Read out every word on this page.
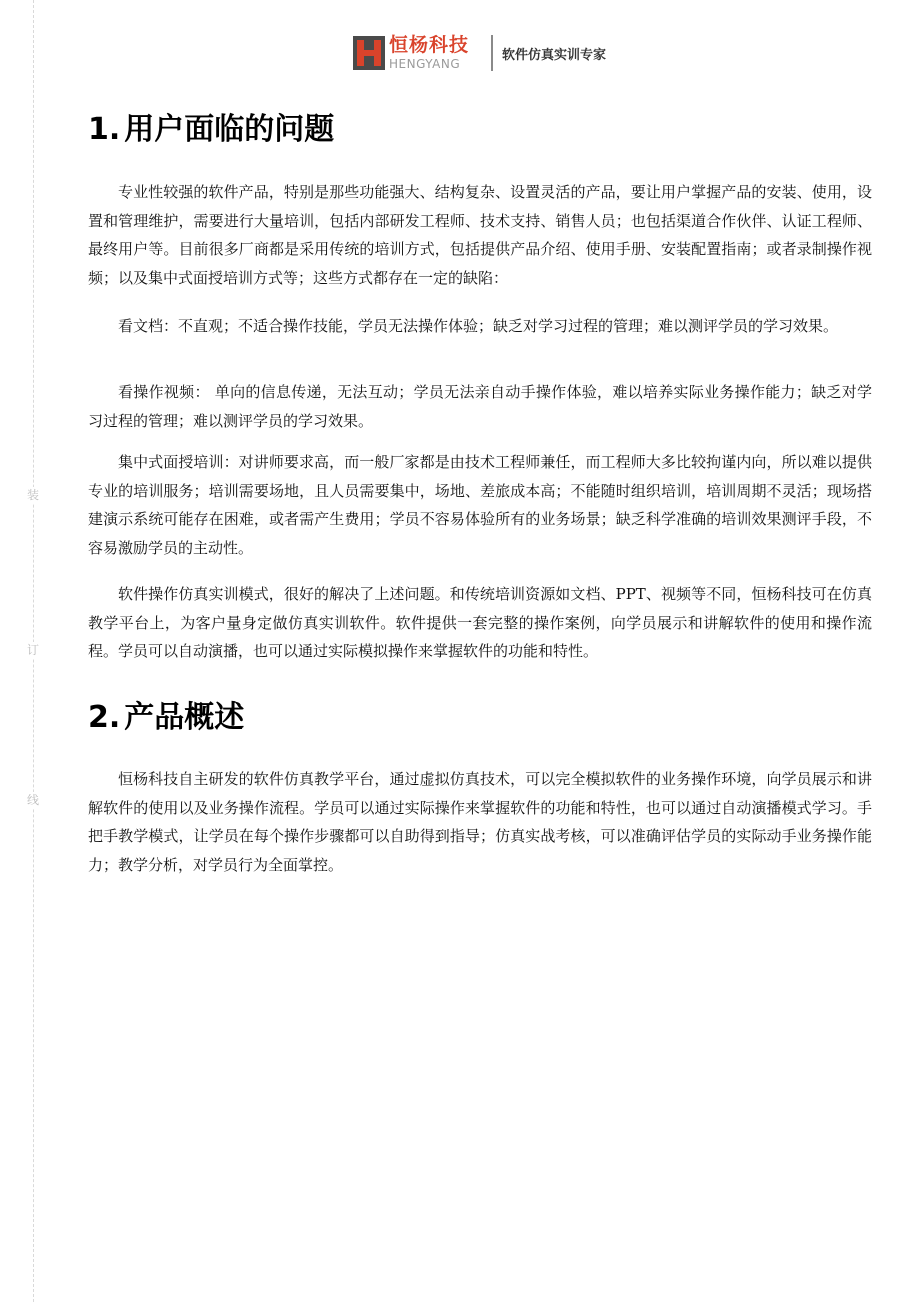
装
订
线
恒杨科技
HENGYANG
软件仿真实训专家
1. 用户面临的问题

专业性较强的软件产品，特别是那些功能强大、结构复杂、设置灵活的产品，要让用户掌握产品的安装、使用，设置和管理维护，需要进行大量培训，包括内部研发工程师、技术支持、销售人员；也包括渠道合作伙伴、认证工程师、最终用户等。目前很多厂商都是采用传统的培训方式，包括提供产品介绍、使用手册、安装配置指南；或者录制操作视频；以及集中式面授培训方式等；这些方式都存在一定的缺陷：

看文档：不直观；不适合操作技能，学员无法操作体验；缺乏对学习过程的管理；难以测评学员的学习效果。

看操作视频： 单向的信息传递，无法互动；学员无法亲自动手操作体验，难以培养实际业务操作能力；缺乏对学习过程的管理；难以测评学员的学习效果。

集中式面授培训：对讲师要求高，而一般厂家都是由技术工程师兼任，而工程师大多比较拘谨内向，所以难以提供专业的培训服务；培训需要场地，且人员需要集中，场地、差旅成本高；不能随时组织培训，培训周期不灵活；现场搭建演示系统可能存在困难，或者需产生费用；学员不容易体验所有的业务场景；缺乏科学准确的培训效果测评手段，不容易激励学员的主动性。

软件操作仿真实训模式，很好的解决了上述问题。和传统培训资源如文档、PPT、视频等不同，恒杨科技可在仿真教学平台上，为客户量身定做仿真实训软件。软件提供一套完整的操作案例，向学员展示和讲解软件的使用和操作流程。学员可以自动演播，也可以通过实际模拟操作来掌握软件的功能和特性。

2. 产品概述

恒杨科技自主研发的软件仿真教学平台，通过虚拟仿真技术，可以完全模拟软件的业务操作环境，向学员展示和讲解软件的使用以及业务操作流程。学员可以通过实际操作来掌握软件的功能和特性，也可以通过自动演播模式学习。手把手教学模式，让学员在每个操作步骤都可以自助得到指导；仿真实战考核，可以准确评估学员的实际动手业务操作能力；教学分析，对学员行为全面掌控。
